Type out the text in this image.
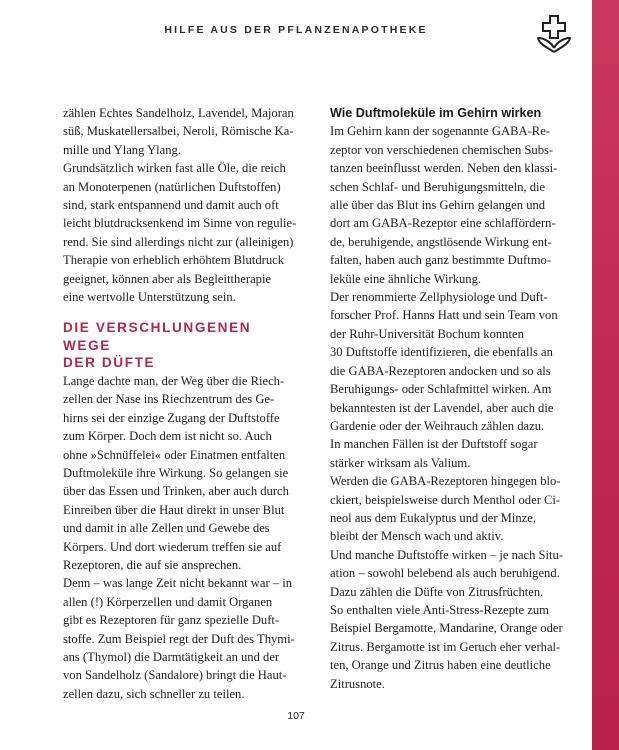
HILFE AUS DER PFLANZENAPOTHEKE

zählen Echtes Sandelholz, Lavendel, Majoran
süß, Muskatellersalbei, Neroli, Römische Ka-
mille und Ylang Ylang.

Grundsätzlich wirken fast alle Öle, die reich
an Monoterpenen (natürlichen Duftstoffen)
sind, stark entspannend und damit auch oft
leicht blutdrucksenkend im Sinne von regulie-
rend. Sie sind allerdings nicht zur (alleinigen)
Therapie von erheblich erhöhtem Blutdruck
geeignet, können aber als Begleittherapie
eine wertvolle Unterstützung sein.

DIE VERSCHLUNGENEN WEGE
DER DÜFTE

Lange dachte man, der Weg über die Riech-
zellen der Nase ins Riechzentrum des Ge-
hirns sei der einzige Zugang der Duftstoffe
zum Körper. Doch dem ist nicht so. Auch
ohne »Schnüffelei« oder Einatmen entfalten
Duftmoleküle ihre Wirkung. So gelangen sie
über das Essen und Trinken, aber auch durch
Einreiben über die Haut direkt in unser Blut
und damit in alle Zellen und Gewebe des
Körpers. Und dort wiederum treffen sie auf
Rezeptoren, die auf sie ansprechen.

Denn – was lange Zeit nicht bekannt war – in
allen (!) Körperzellen und damit Organen
gibt es Rezeptoren für ganz spezielle Duft-
stoffe. Zum Beispiel regt der Duft des Thymi-
ans (Thymol) die Darmtätigkeit an und der
von Sandelholz (Sandalore) bringt die Haut-
zellen dazu, sich schneller zu teilen.

Wie Duftmoleküle im Gehirn wirken

Im Gehirn kann der sogenannte GABA-Re-
zeptor von verschiedenen chemischen Subs-
tanzen beeinflusst werden. Neben den klassi-
schen Schlaf- und Beruhigungsmitteln, die
alle über das Blut ins Gehirn gelangen und
dort am GABA-Rezeptor eine schlaffördern-
de, beruhigende, angstlösende Wirkung ent-
falten, haben auch ganz bestimmte Duftmo-
leküle eine ähnliche Wirkung.

Der renommierte Zellphysiologe und Duft-
forscher Prof. Hanns Hatt und sein Team von
der Ruhr-Universität Bochum konnten
30 Duftstoffe identifizieren, die ebenfalls an
die GABA-Rezeptoren andocken und so als
Beruhigungs- oder Schlafmittel wirken. Am
bekanntesten ist der Lavendel, aber auch die
Gardenie oder der Weihrauch zählen dazu.
In manchen Fällen ist der Duftstoff sogar
stärker wirksam als Valium.

Werden die GABA-Rezeptoren hingegen blo-
ckiert, beispielsweise durch Menthol oder Ci-
neol aus dem Eukalyptus und der Minze,
bleibt der Mensch wach und aktiv.

Und manche Duftstoffe wirken – je nach Situ-
ation – sowohl belebend als auch beruhigend.
Dazu zählen die Düfte von Zitrusfrüchten.
So enthalten viele Anti-Stress-Rezepte zum
Beispiel Bergamotte, Mandarine, Orange oder
Zitrus. Bergamotte ist im Geruch eher verhal-
ten, Orange und Zitrus haben eine deutliche
Zitrusnote.

107
